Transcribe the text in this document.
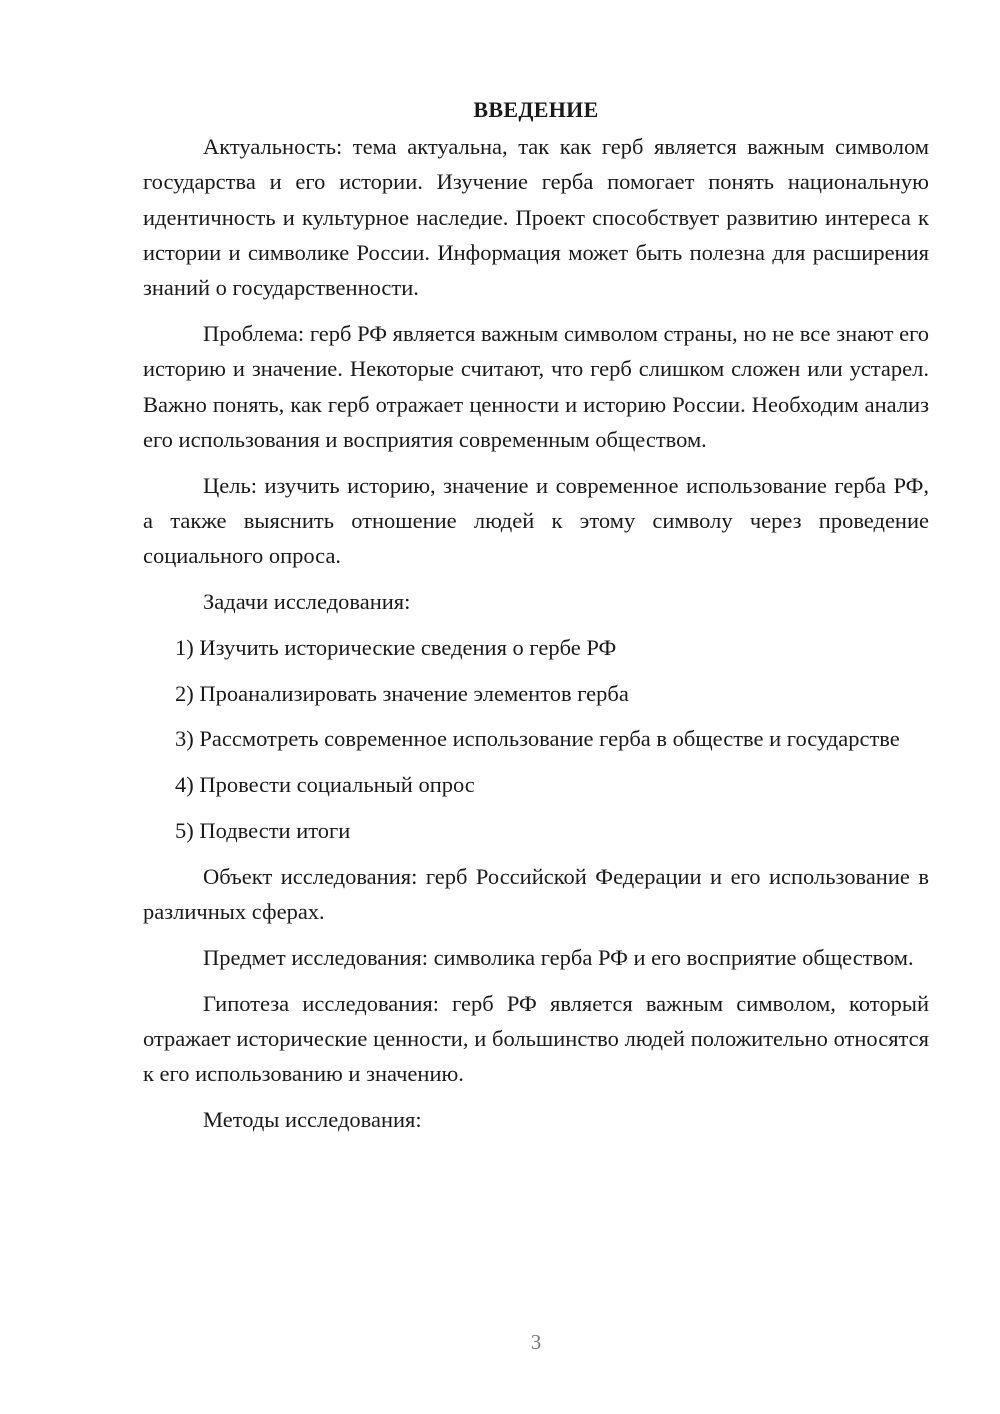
ВВЕДЕНИЕ

Актуальность: тема актуальна, так как герб является важным символом государства и его истории. Изучение герба помогает понять национальную идентичность и культурное наследие. Проект способствует развитию интереса к истории и символике России. Информация может быть полезна для расширения знаний о государственности.

Проблема: герб РФ является важным символом страны, но не все знают его историю и значение. Некоторые считают, что герб слишком сложен или устарел. Важно понять, как герб отражает ценности и историю России. Необходим анализ его использования и восприятия современным обществом.

Цель: изучить историю, значение и современное использование герба РФ, а также выяснить отношение людей к этому символу через проведение социального опроса.

Задачи исследования:

1) Изучить исторические сведения о гербе РФ

2) Проанализировать значение элементов герба

3) Рассмотреть современное использование герба в обществе и государстве

4) Провести социальный опрос

5) Подвести итоги

Объект исследования: герб Российской Федерации и его использование в различных сферах.

Предмет исследования: символика герба РФ и его восприятие обществом.

Гипотеза исследования: герб РФ является важным символом, который отражает исторические ценности, и большинство людей положительно относятся к его использованию и значению.

Методы исследования:

3
